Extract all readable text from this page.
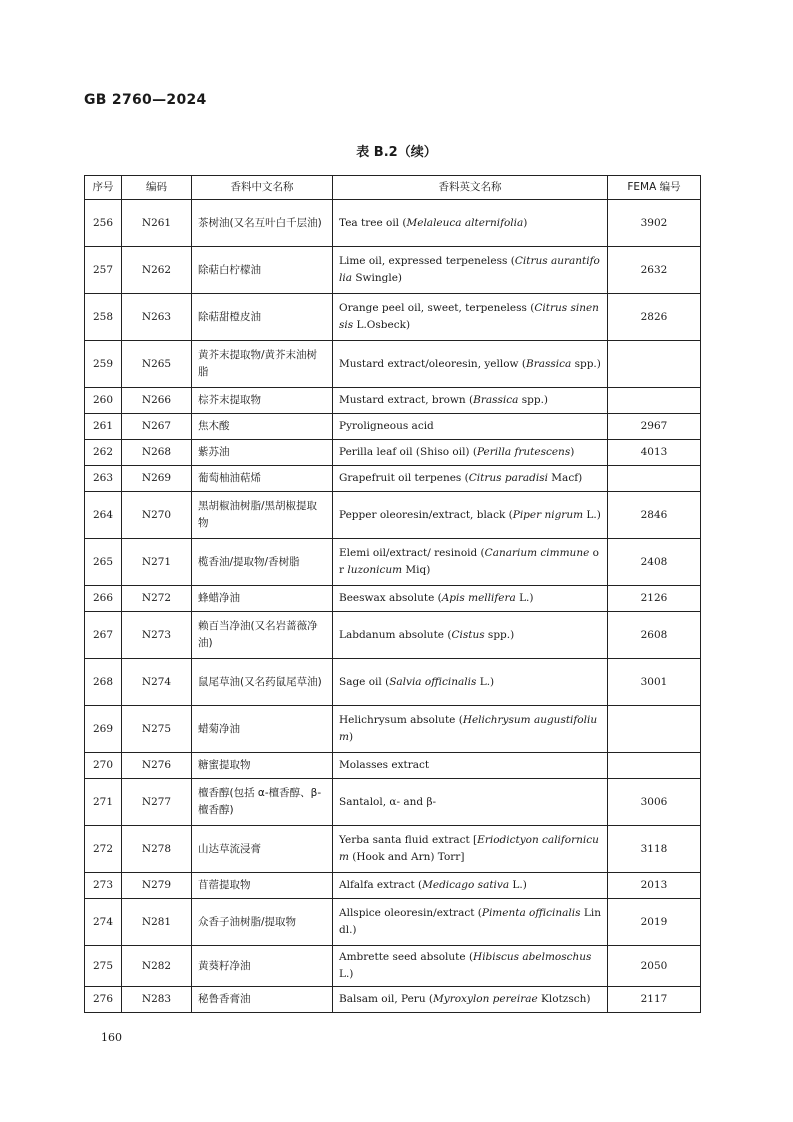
GB 2760—2024
表 B.2（续）
序号	编码	香料中文名称	香料英文名称	FEMA 编号
256	N261	茶树油(又名互叶白千层油)	Tea tree oil (Melaleuca alternifolia)	3902
257	N262	除萜白柠檬油	Lime oil, expressed terpeneless (Citrus aurantifolia Swingle)	2632
258	N263	除萜甜橙皮油	Orange peel oil, sweet, terpeneless (Citrus sinensis L.Osbeck)	2826
259	N265	黄芥末提取物/黄芥末油树脂	Mustard extract/oleoresin, yellow (Brassica spp.)	
260	N266	棕芥末提取物	Mustard extract, brown (Brassica spp.)	
261	N267	焦木酸	Pyroligneous acid	2967
262	N268	紫苏油	Perilla leaf oil (Shiso oil) (Perilla frutescens)	4013
263	N269	葡萄柚油萜烯	Grapefruit oil terpenes (Citrus paradisi Macf)	
264	N270	黑胡椒油树脂/黑胡椒提取物	Pepper oleoresin/extract, black (Piper nigrum L.)	2846
265	N271	榄香油/提取物/香树脂	Elemi oil/extract/ resinoid (Canarium cimmune or luzonicum Miq)	2408
266	N272	蜂蜡净油	Beeswax absolute (Apis mellifera L.)	2126
267	N273	赖百当净油(又名岩蔷薇净油)	Labdanum absolute (Cistus spp.)	2608
268	N274	鼠尾草油(又名药鼠尾草油)	Sage oil (Salvia officinalis L.)	3001
269	N275	蜡菊净油	Helichrysum absolute (Helichrysum augustifolium)	
270	N276	糖蜜提取物	Molasses extract	
271	N277	檀香醇(包括 α-檀香醇、β-檀香醇)	Santalol, α- and β-	3006
272	N278	山达草流浸膏	Yerba santa fluid extract [Eriodictyon californicum (Hook and Arn) Torr]	3118
273	N279	苜蓿提取物	Alfalfa extract (Medicago sativa L.)	2013
274	N281	众香子油树脂/提取物	Allspice oleoresin/extract (Pimenta officinalis Lindl.)	2019
275	N282	黄葵籽净油	Ambrette seed absolute (Hibiscus abelmoschus L.)	2050
276	N283	秘鲁香膏油	Balsam oil, Peru (Myroxylon pereirae Klotzsch)	2117
160
